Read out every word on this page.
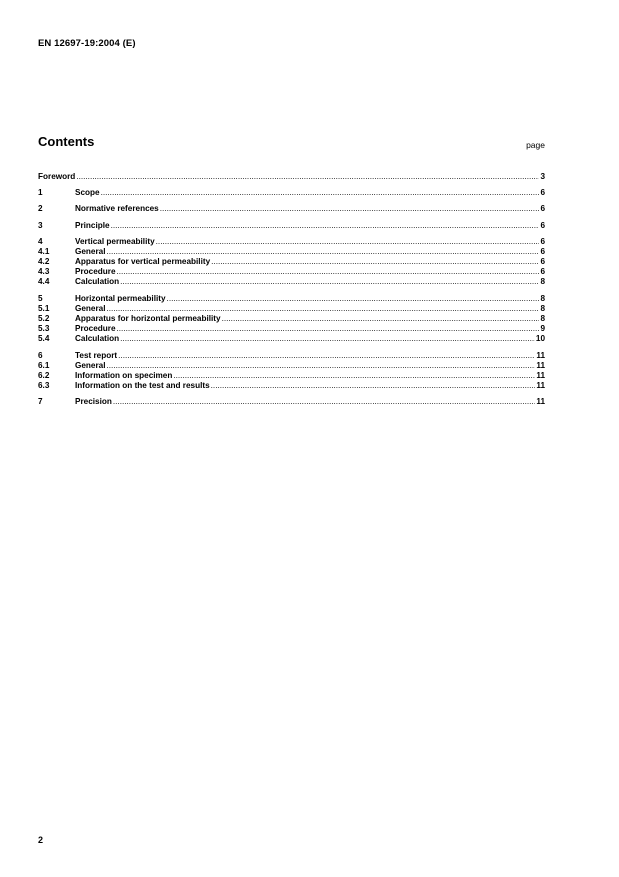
EN 12697-19:2004 (E)
Contents	page
Foreword .....	3
1	Scope .....	6
2	Normative references .....	6
3	Principle .....	6
4	Vertical permeability .....	6
4.1	General .....	6
4.2	Apparatus for vertical permeability .....	6
4.3	Procedure .....	6
4.4	Calculation .....	8
5	Horizontal permeability .....	8
5.1	General .....	8
5.2	Apparatus for horizontal permeability .....	8
5.3	Procedure .....	9
5.4	Calculation .....	10
6	Test report .....	11
6.1	General .....	11
6.2	Information on specimen .....	11
6.3	Information on the test and results .....	11
7	Precision .....	11
2
